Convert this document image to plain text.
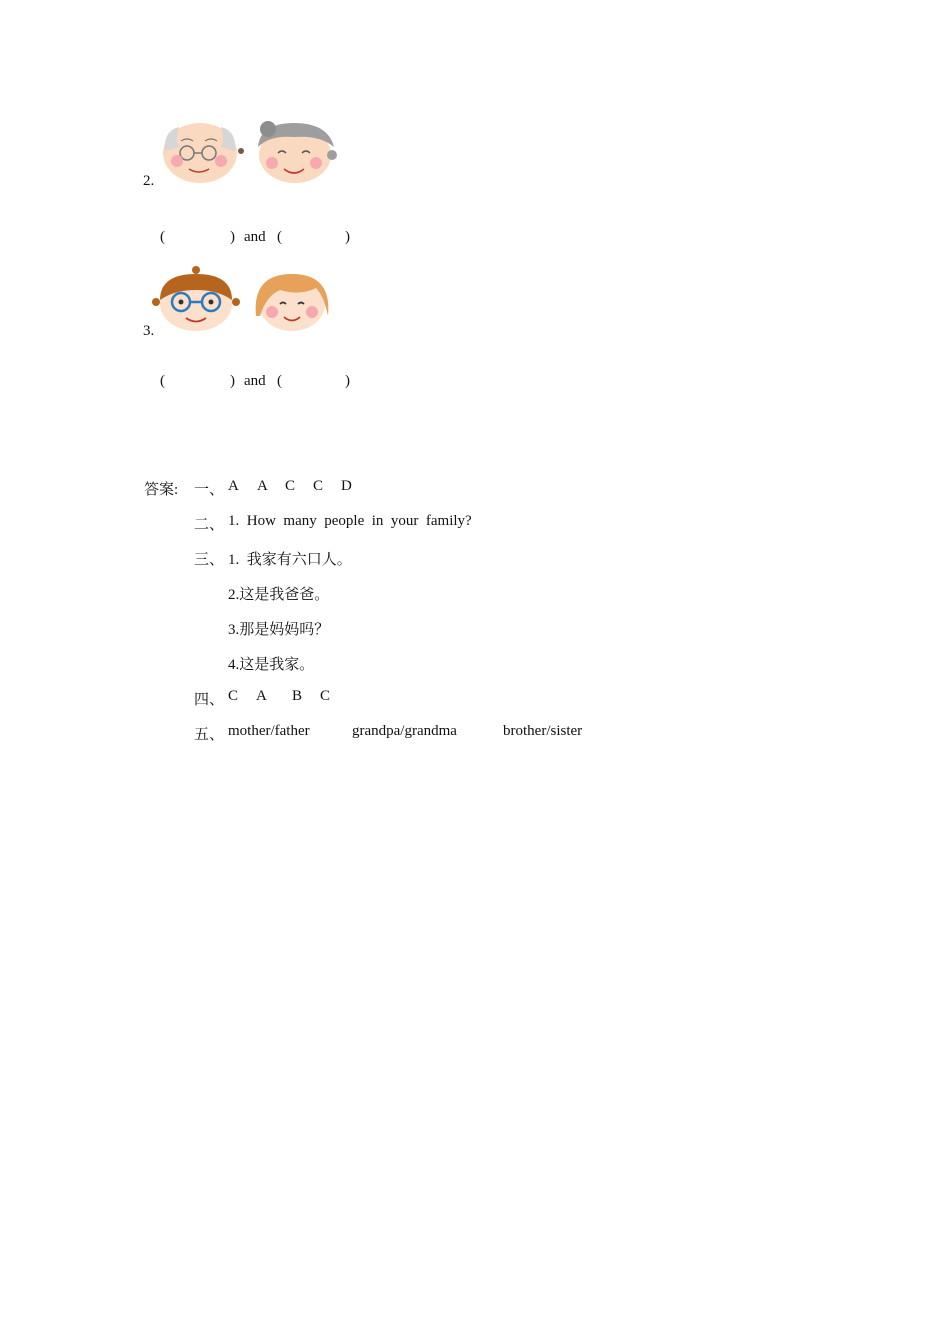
2.
(	) and (	)
3.
(	) and (	)
答案: 一、 A A C C D
二、 1.  How  many  people  in  your  family?
三、 1.  我家有六口人。
2.这是我爸爸。
3.那是妈妈吗？
4.这是我家。
四、 C A B C
五、 mother/father	grandpa/grandma	brother/sister
